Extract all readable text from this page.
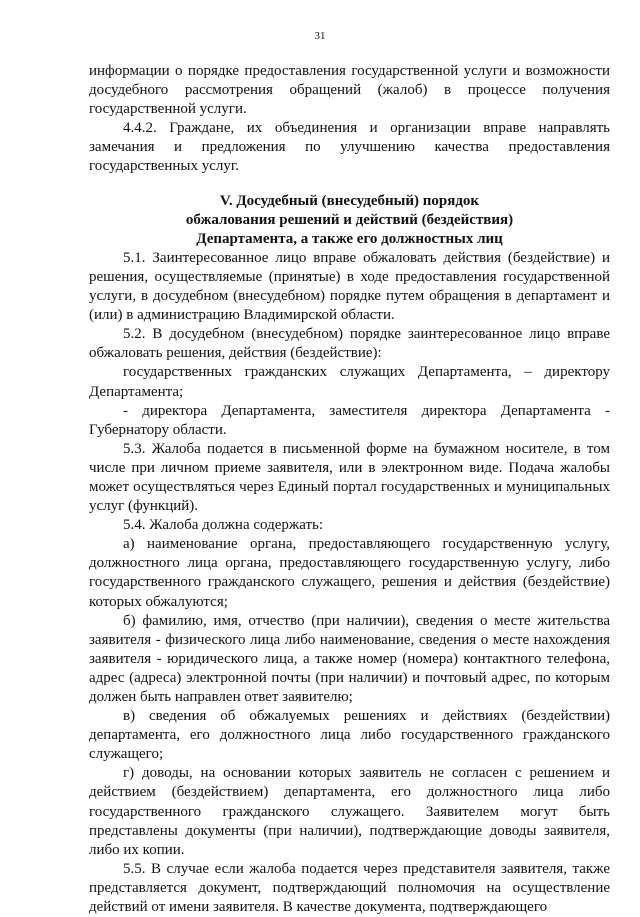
31

информации о порядке предоставления государственной услуги и возможности досудебного рассмотрения обращений (жалоб) в процессе получения государственной услуги.

4.4.2. Граждане, их объединения и организации вправе направлять замечания и предложения по улучшению качества предоставления государственных услуг.

V. Досудебный (внесудебный) порядок
обжалования решений и действий (бездействия)
Департамента, а также его должностных лиц

5.1. Заинтересованное лицо вправе обжаловать действия (бездействие) и решения, осуществляемые (принятые) в ходе предоставления государственной услуги, в досудебном (внесудебном) порядке путем обращения в департамент и (или) в администрацию Владимирской области.

5.2. В досудебном (внесудебном) порядке заинтересованное лицо вправе обжаловать решения, действия (бездействие):

государственных гражданских служащих Департамента, – директору Департамента;

- директора Департамента, заместителя директора Департамента - Губернатору области.

5.3. Жалоба подается в письменной форме на бумажном носителе, в том числе при личном приеме заявителя, или в электронном виде. Подача жалобы может осуществляться через Единый портал государственных и муниципальных услуг (функций).

5.4. Жалоба должна содержать:

а) наименование органа, предоставляющего государственную услугу, должностного лица органа, предоставляющего государственную услугу, либо государственного гражданского служащего, решения и действия (бездействие) которых обжалуются;

б) фамилию, имя, отчество (при наличии), сведения о месте жительства заявителя - физического лица либо наименование, сведения о месте нахождения заявителя - юридического лица, а также номер (номера) контактного телефона, адрес (адреса) электронной почты (при наличии) и почтовый адрес, по которым должен быть направлен ответ заявителю;

в) сведения об обжалуемых решениях и действиях (бездействии) департамента, его должностного лица либо государственного гражданского служащего;

г) доводы, на основании которых заявитель не согласен с решением и действием (бездействием) департамента, его должностного лица либо государственного гражданского служащего. Заявителем могут быть представлены документы (при наличии), подтверждающие доводы заявителя, либо их копии.

5.5. В случае если жалоба подается через представителя заявителя, также представляется документ, подтверждающий полномочия на осуществление действий от имени заявителя. В качестве документа, подтверждающего
